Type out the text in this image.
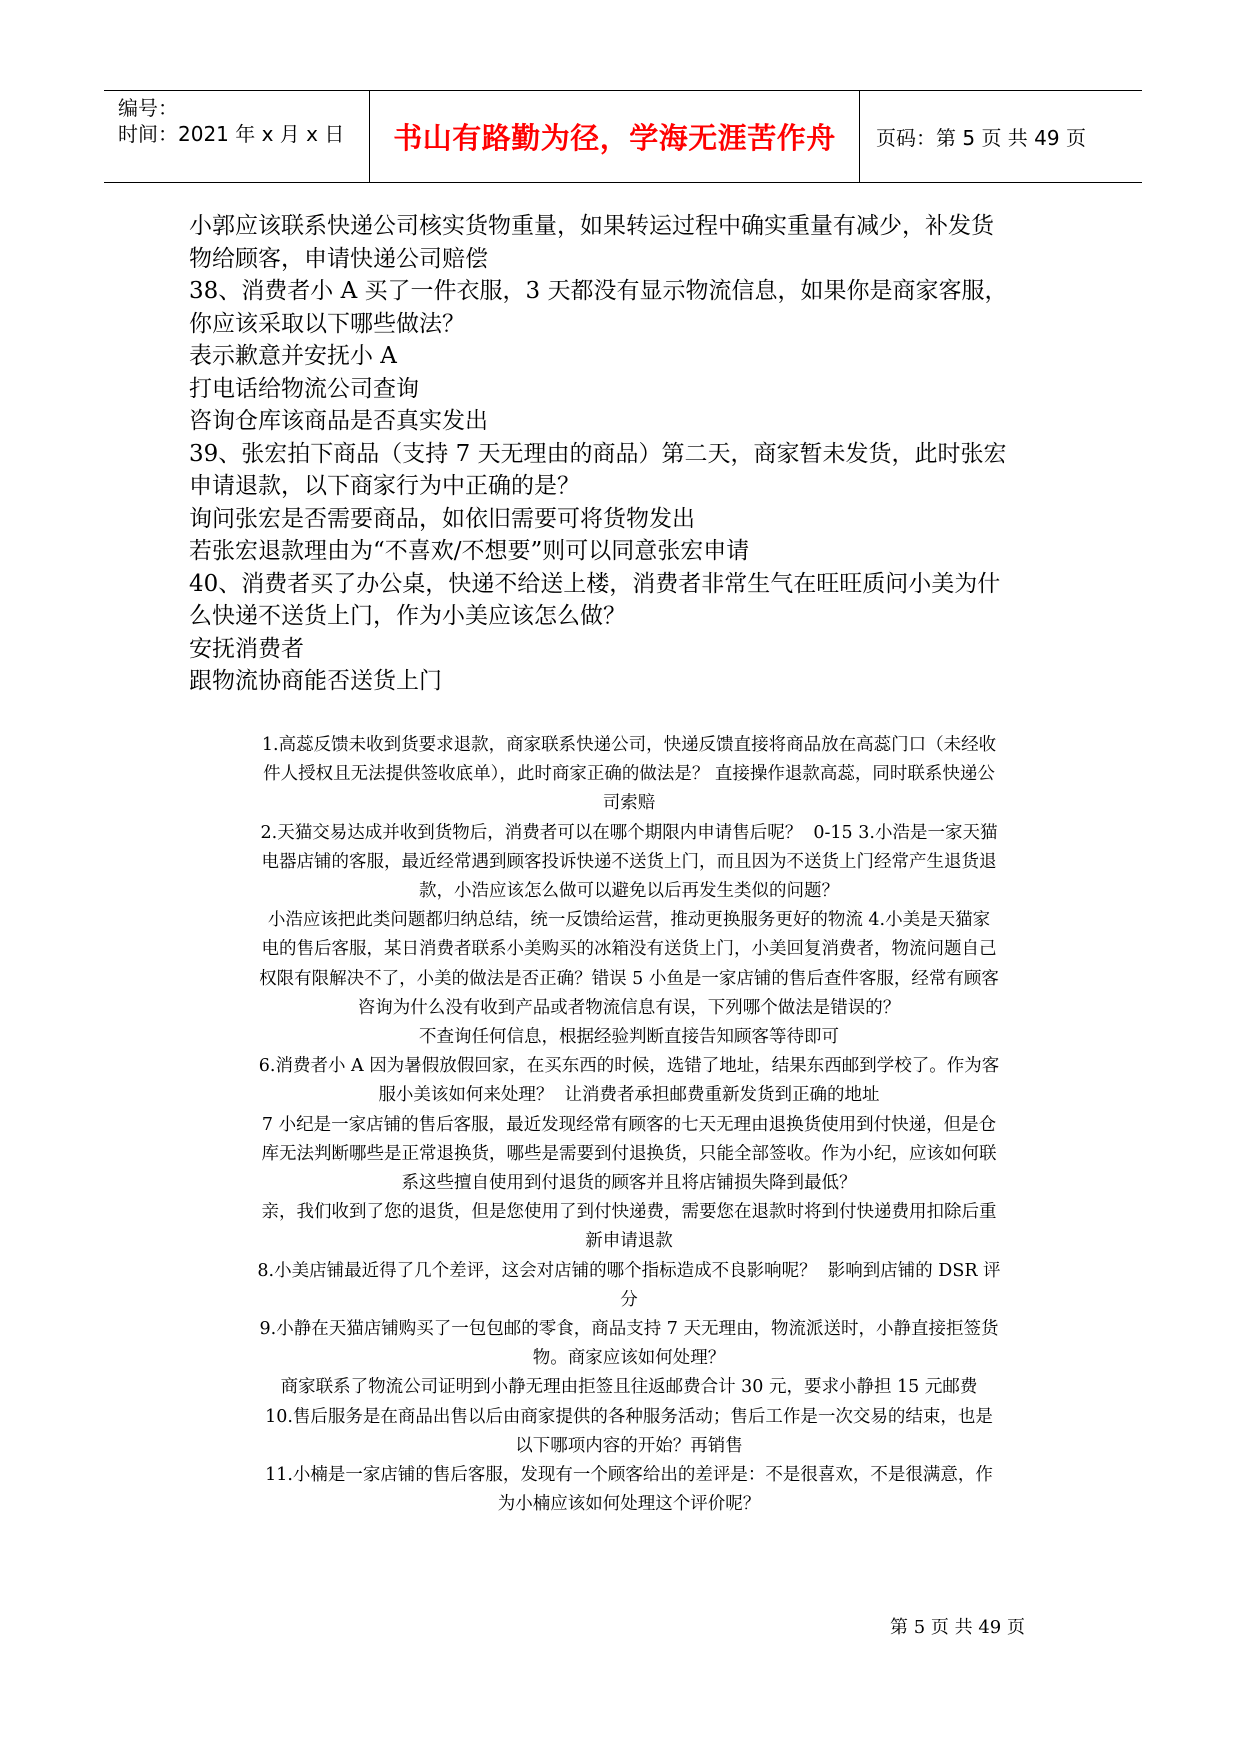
编号：
时间：2021 年 x 月 x 日	书山有路勤为径，学海无涯苦作舟 页码：第 5 页 共 49 页

小郭应该联系快递公司核实货物重量，如果转运过程中确实重量有减少，补发货

物给顾客，申请快递公司赔偿

38、消费者小 A 买了一件衣服，3 天都没有显示物流信息，如果你是商家客服，

你应该采取以下哪些做法？

表示歉意并安抚小 A

打电话给物流公司查询

咨询仓库该商品是否真实发出

39、张宏拍下商品（支持 7 天无理由的商品）第二天，商家暂未发货，此时张宏

申请退款，以下商家行为中正确的是？

询问张宏是否需要商品，如依旧需要可将货物发出

若张宏退款理由为“不喜欢/不想要”则可以同意张宏申请

40、消费者买了办公桌，快递不给送上楼，消费者非常生气在旺旺质问小美为什

么快递不送货上门，作为小美应该怎么做？

安抚消费者

跟物流协商能否送货上门

1.高蕊反馈未收到货要求退款，商家联系快递公司，快递反馈直接将商品放在高蕊门口（未经收

件人授权且无法提供签收底单），此时商家正确的做法是？ 直接操作退款高蕊，同时联系快递公

司索赔

2.天猫交易达成并收到货物后，消费者可以在哪个期限内申请售后呢？  0-15 3.小浩是一家天猫

电器店铺的客服，最近经常遇到顾客投诉快递不送货上门，而且因为不送货上门经常产生退货退

款，小浩应该怎么做可以避免以后再发生类似的问题？

小浩应该把此类问题都归纳总结，统一反馈给运营，推动更换服务更好的物流 4.小美是天猫家

电的售后客服，某日消费者联系小美购买的冰箱没有送货上门，小美回复消费者，物流问题自己

权限有限解决不了，小美的做法是否正确？错误 5 小鱼是一家店铺的售后查件客服，经常有顾客

咨询为什么没有收到产品或者物流信息有误，下列哪个做法是错误的？

不查询任何信息，根据经验判断直接告知顾客等待即可

6.消费者小 A 因为暑假放假回家，在买东西的时候，选错了地址，结果东西邮到学校了。作为客

服小美该如何来处理？  让消费者承担邮费重新发货到正确的地址

7 小纪是一家店铺的售后客服，最近发现经常有顾客的七天无理由退换货使用到付快递，但是仓

库无法判断哪些是正常退换货，哪些是需要到付退换货，只能全部签收。作为小纪，应该如何联

系这些擅自使用到付退货的顾客并且将店铺损失降到最低？

亲，我们收到了您的退货，但是您使用了到付快递费，需要您在退款时将到付快递费用扣除后重

新申请退款

8.小美店铺最近得了几个差评，这会对店铺的哪个指标造成不良影响呢？  影响到店铺的 DSR 评

分

9.小静在天猫店铺购买了一包包邮的零食，商品支持 7 天无理由，物流派送时，小静直接拒签货

物。商家应该如何处理？

商家联系了物流公司证明到小静无理由拒签且往返邮费合计 30 元，要求小静担 15 元邮费

10.售后服务是在商品出售以后由商家提供的各种服务活动；售后工作是一次交易的结束，也是

以下哪项内容的开始？再销售

11.小楠是一家店铺的售后客服，发现有一个顾客给出的差评是：不是很喜欢，不是很满意，作

为小楠应该如何处理这个评价呢？

第 5 页 共 49 页
